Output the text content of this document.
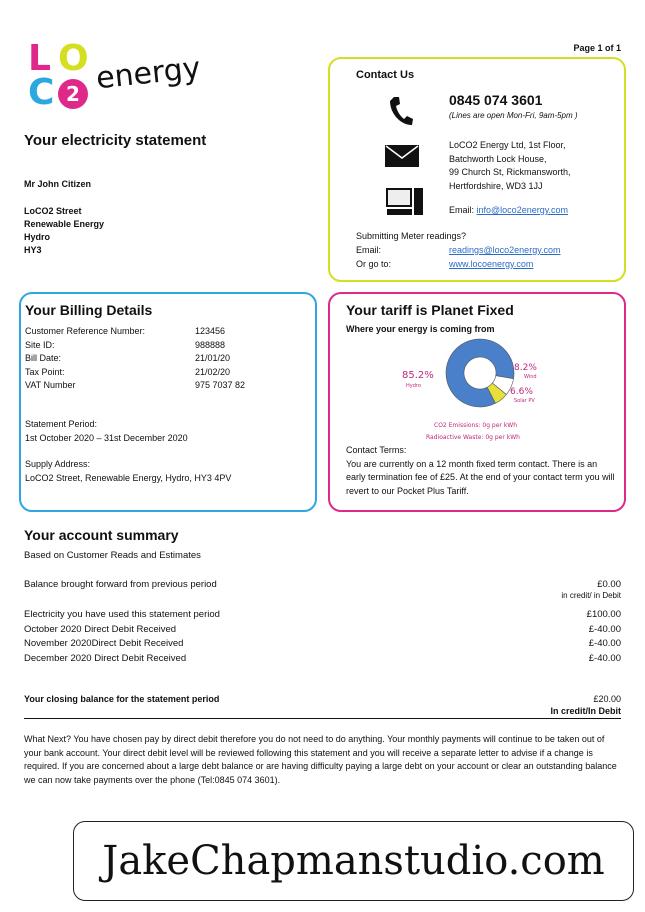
L O
C 2 energy
Page 1 of 1
Your electricity statement
Mr John Citizen
LoCO2 Street
Renewable Energy
Hydro
HY3
Contact Us
0845 074 3601
(Lines are open Mon-Fri, 9am-5pm )
LoCO2 Energy Ltd, 1st Floor,
Batchworth Lock House,
99 Church St, Rickmansworth,
Hertfordshire, WD3 1JJ
Email: info@loco2energy.com
Submitting Meter readings?
Email:	readings@loco2energy.com
Or go to:	www.locoenergy.com
Your Billing Details
Customer Reference Number:	123456
Site ID:	988888
Bill Date:	21/01/20
Tax Point:	21/02/20
VAT Number	975 7037 82
Statement Period:
1st October 2020 – 31st December 2020
Supply Address:
LoCO2 Street, Renewable Energy, Hydro, HY3 4PV
Your tariff is Planet Fixed
Where your energy is coming from
85.2%
Hydro
8.2%
Wind
6.6%
Solar PV
CO2 Emissions: 0g per kWh
Radioactive Waste: 0g per kWh
Contact Terms:
You are currently on a 12 month fixed term contact. There is an early termination fee of £25. At the end of your contact term you will revert to our Pocket Plus Tariff.
Your account summary
Based on Customer Reads and Estimates
Balance brought forward from previous period	£0.00
in credit/ in Debit
Electricity you have used this statement period	£100.00
October 2020 Direct Debit Received	£-40.00
November 2020Direct Debit Received	£-40.00
December 2020 Direct Debit Received	£-40.00
Your closing balance for the statement period	£20.00
In credit/In Debit
What Next? You have chosen pay by direct debit therefore you do not need to do anything. Your monthly payments will continue to be taken out of your bank account. Your direct debit level will be reviewed following this statement and you will receive a separate letter to advise if a change is required. If you are concerned about a large debt balance or are having difficulty paying a large debt on your account or clear an outstanding balance we can now take payments over the phone (Tel:0845 074 3601).
JakeChapmanstudio.com
